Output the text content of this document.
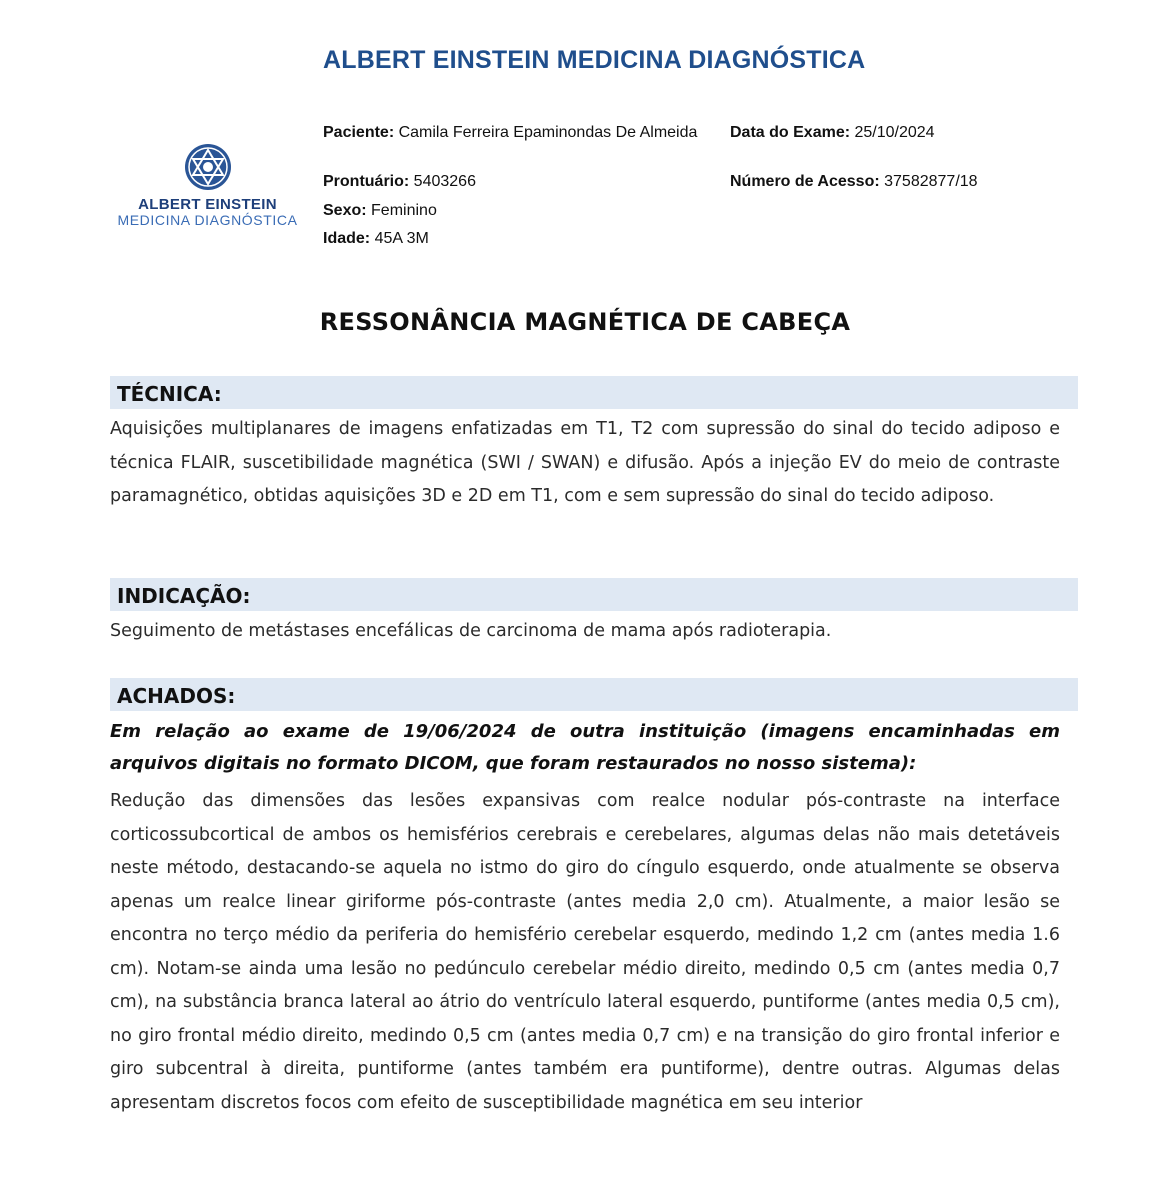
ALBERT EINSTEIN MEDICINA DIAGNÓSTICA
ALBERT EINSTEIN
MEDICINA DIAGNÓSTICA
Paciente: Camila Ferreira Epaminondas De Almeida
Prontuário: 5403266
Sexo: Feminino
Idade: 45A 3M
Data do Exame: 25/10/2024
Número de Acesso: 37582877/18
RESSONÂNCIA MAGNÉTICA DE CABEÇA
TÉCNICA:
Aquisições multiplanares de imagens enfatizadas em T1, T2 com supressão do sinal do tecido adiposo e técnica FLAIR, suscetibilidade magnética (SWI / SWAN) e difusão. Após a injeção EV do meio de contraste paramagnético, obtidas aquisições 3D e 2D em T1, com e sem supressão do sinal do tecido adiposo.
INDICAÇÃO:
Seguimento de metástases encefálicas de carcinoma de mama após radioterapia.
ACHADOS:
Em relação ao exame de 19/06/2024 de outra instituição (imagens encaminhadas em arquivos digitais no formato DICOM, que foram restaurados no nosso sistema):
Redução das dimensões das lesões expansivas com realce nodular pós-contraste na interface corticossubcortical de ambos os hemisférios cerebrais e cerebelares, algumas delas não mais detetáveis neste método, destacando-se aquela no istmo do giro do cíngulo esquerdo, onde atualmente se observa apenas um realce linear giriforme pós-contraste (antes media 2,0 cm). Atualmente, a maior lesão se encontra no terço médio da periferia do hemisfério cerebelar esquerdo, medindo 1,2 cm (antes media 1.6 cm). Notam-se ainda uma lesão no pedúnculo cerebelar médio direito, medindo 0,5 cm (antes media 0,7 cm), na substância branca lateral ao átrio do ventrículo lateral esquerdo, puntiforme (antes media 0,5 cm), no giro frontal médio direito, medindo 0,5 cm (antes media 0,7 cm) e na transição do giro frontal inferior e giro subcentral à direita, puntiforme (antes também era puntiforme), dentre outras. Algumas delas apresentam discretos focos com efeito de susceptibilidade magnética em seu interior
